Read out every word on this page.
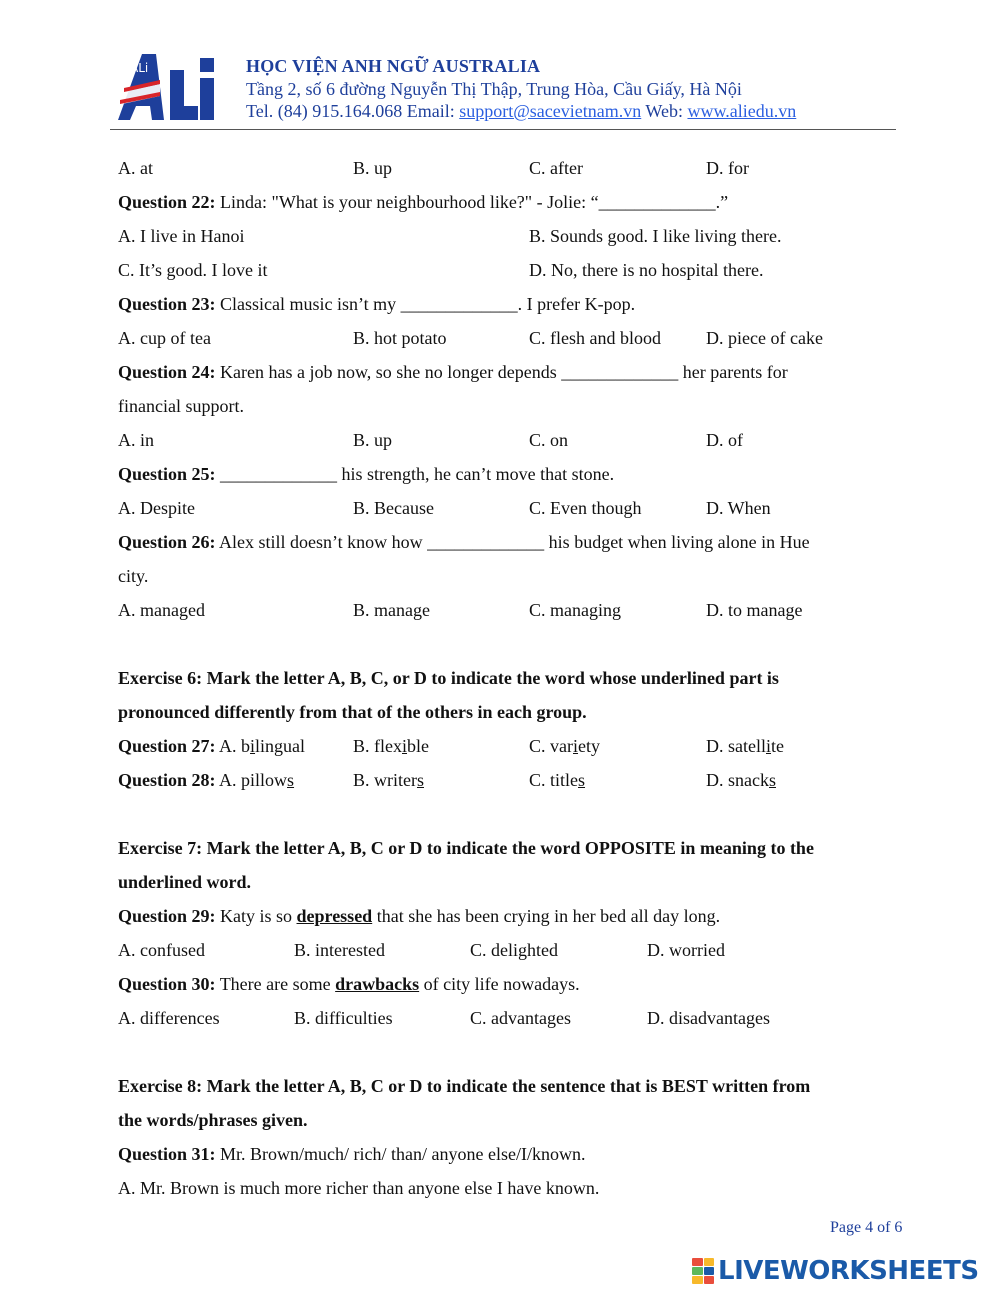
ALi	HỌC VIỆN ANH NGỮ AUSTRALIA
Tầng 2, số 6 đường Nguyễn Thị Thập, Trung Hòa, Cầu Giấy, Hà Nội
Tel. (84) 915.164.068 Email: support@sacevietnam.vn Web: www.aliedu.vn
A. at	B. up	C. after	D. for
Question 22: Linda: "What is your neighbourhood like?" - Jolie: “_____________.”
A. I live in Hanoi	B. Sounds good. I like living there.
C. It’s good. I love it	D. No, there is no hospital there.
Question 23: Classical music isn’t my _____________. I prefer K-pop.
A. cup of tea	B. hot potato	C. flesh and blood	D. piece of cake
Question 24: Karen has a job now, so she no longer depends _____________ her parents for
financial support.
A. in	B. up	C. on	D. of
Question 25: _____________ his strength, he can’t move that stone.
A. Despite	B. Because	C. Even though	D. When
Question 26: Alex still doesn’t know how _____________ his budget when living alone in Hue
city.
A. managed	B. manage	C. managing	D. to manage
Exercise 6: Mark the letter A, B, C, or D to indicate the word whose underlined part is
pronounced differently from that of the others in each group.
Question 27: A. bilingual	B. flexible	C. variety	D. satellite
Question 28: A. pillows	B. writers	C. titles	D. snacks
Exercise 7: Mark the letter A, B, C or D to indicate the word OPPOSITE in meaning to the
underlined word.
Question 29: Katy is so depressed that she has been crying in her bed all day long.
A. confused	B. interested	C. delighted	D. worried
Question 30: There are some drawbacks of city life nowadays.
A. differences	B. difficulties	C. advantages	D. disadvantages
Exercise 8: Mark the letter A, B, C or D to indicate the sentence that is BEST written from
the words/phrases given.
Question 31: Mr. Brown/much/ rich/ than/ anyone else/I/known.
A. Mr. Brown is much more richer than anyone else I have known.
Page 4 of 6
LIVEWORKSHEETS
